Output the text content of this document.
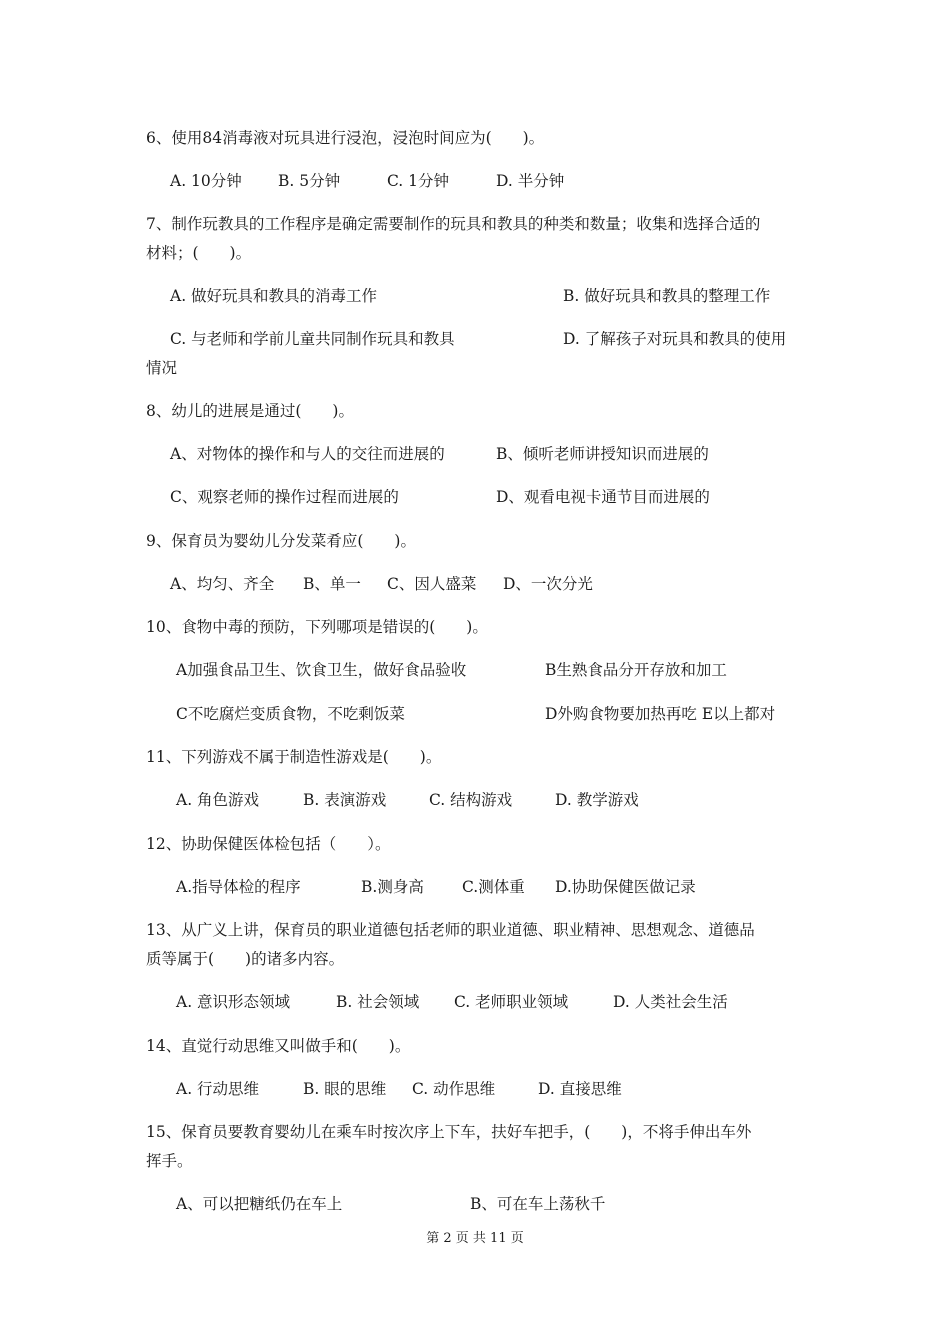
6、使用84消毒液对玩具进行浸泡，浸泡时间应为(　　)。
A. 10分钟 B. 5分钟	C. 1分钟	D. 半分钟
7、制作玩教具的工作程序是确定需要制作的玩具和教具的种类和数量；收集和选择合适的
材料；(　　)。
A. 做好玩具和教具的消毒工作	B. 做好玩具和教具的整理工作
C. 与老师和学前儿童共同制作玩具和教具	D. 了解孩子对玩具和教具的使用
情况
8、幼儿的进展是通过(　　)。
A、对物体的操作和与人的交往而进展的	B、倾听老师讲授知识而进展的
C、观察老师的操作过程而进展的	D、观看电视卡通节目而进展的
9、保育员为婴幼儿分发菜肴应(　　)。
A、均匀、齐全 B、单一 C、因人盛菜 D、一次分光
10、食物中毒的预防，下列哪项是错误的(　　)。
A加强食品卫生、饮食卫生，做好食品验收	B生熟食品分开存放和加工
C不吃腐烂变质食物，不吃剩饭菜	D外购食物要加热再吃 E以上都对
11、下列游戏不属于制造性游戏是(　　)。
A. 角色游戏	B. 表演游戏	C. 结构游戏	D. 教学游戏
12、协助保健医体检包括（　　）。
A.指导体检的程序	B.测身高 C.测体重 D.协助保健医做记录
13、从广义上讲，保育员的职业道德包括老师的职业道德、职业精神、思想观念、道德品
质等属于(　　)的诸多内容。
A. 意识形态领域	B. 社会领域 C. 老师职业领域	D. 人类社会生活
14、直觉行动思维又叫做手和(　　)。
A. 行动思维	B. 眼的思维 C. 动作思维	D. 直接思维
15、保育员要教育婴幼儿在乘车时按次序上下车，扶好车把手，(　　)，不将手伸出车外
挥手。
A、可以把糖纸仍在车上	B、可在车上荡秋千
第 2 页 共 11 页
